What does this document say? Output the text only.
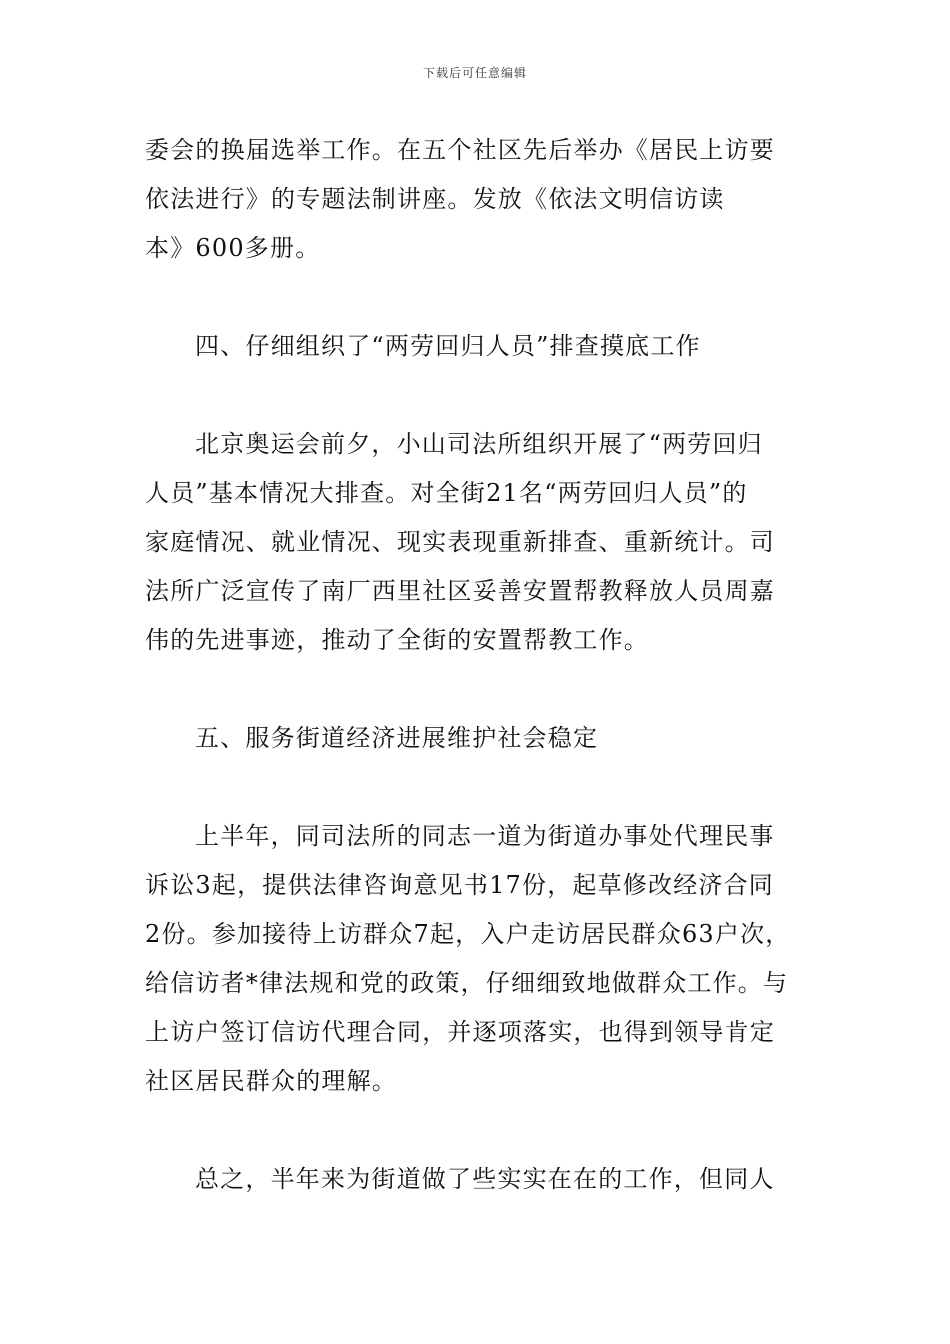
下载后可任意编辑
委会的换届选举工作。在五个社区先后举办《居民上访要
依法进行》的专题法制讲座。发放《依法文明信访读
本》600多册。
四、仔细组织了“两劳回归人员”排查摸底工作
北京奥运会前夕，小山司法所组织开展了“两劳回归
人员”基本情况大排查。对全街21名“两劳回归人员”的
家庭情况、就业情况、现实表现重新排查、重新统计。司
法所广泛宣传了南厂西里社区妥善安置帮教释放人员周嘉
伟的先进事迹，推动了全街的安置帮教工作。
五、服务街道经济进展维护社会稳定
上半年，同司法所的同志一道为街道办事处代理民事
诉讼3起，提供法律咨询意见书17份，起草修改经济合同
2份。参加接待上访群众7起，入户走访居民群众63户次，
给信访者*律法规和党的政策，仔细细致地做群众工作。与
上访户签订信访代理合同，并逐项落实，也得到领导肯定
社区居民群众的理解。
总之，半年来为街道做了些实实在在的工作，但同人
